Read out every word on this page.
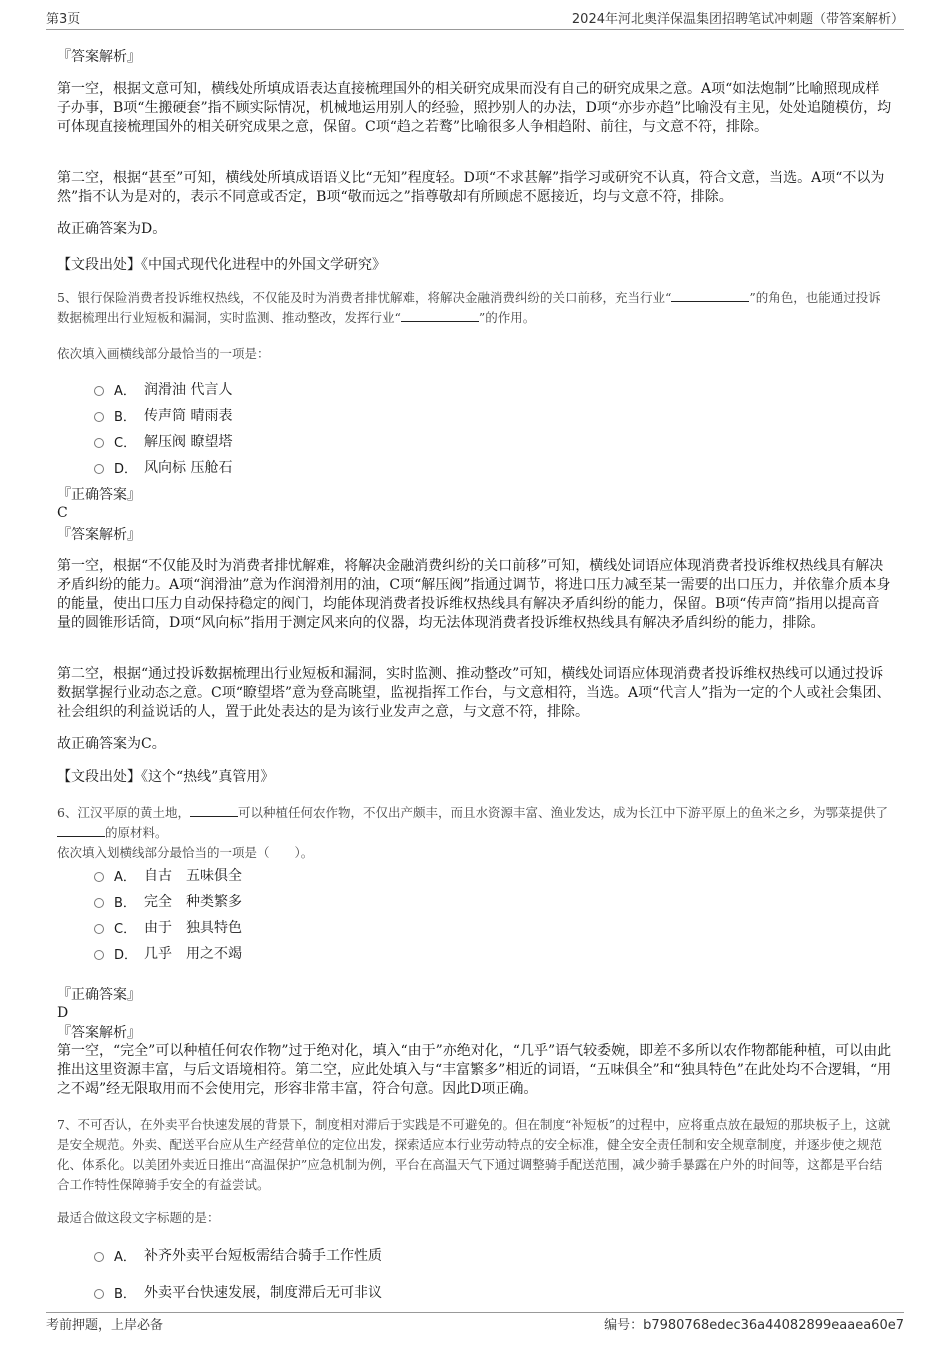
第3页	2024年河北奥洋保温集团招聘笔试冲刺题（带答案解析）

『答案解析』

第一空，根据文意可知，横线处所填成语表达直接梳理国外的相关研究成果而没有自己的研究成果之意。A项“如法炮制”比喻照现成样子办事，B项“生搬硬套”指不顾实际情况，机械地运用别人的经验，照抄别人的办法，D项“亦步亦趋”比喻没有主见，处处追随模仿，均可体现直接梳理国外的相关研究成果之意，保留。C项“趋之若鹜”比喻很多人争相趋附、前往，与文意不符，排除。

第二空，根据“甚至”可知，横线处所填成语语义比“无知”程度轻。D项“不求甚解”指学习或研究不认真，符合文意，当选。A项“不以为然”指不认为是对的，表示不同意或否定，B项“敬而远之”指尊敬却有所顾虑不愿接近，均与文意不符，排除。

故正确答案为D。

【文段出处】《中国式现代化进程中的外国文学研究》

5、银行保险消费者投诉维权热线，不仅能及时为消费者排忧解难，将解决金融消费纠纷的关口前移，充当行业“	”的角色，也能通过投诉数据梳理出行业短板和漏洞，实时监测、推动整改，发挥行业“	”的作用。

依次填入画横线部分最恰当的一项是：

A． 润滑油 代言人
B． 传声筒 晴雨表
C． 解压阀 瞭望塔
D． 风向标 压舱石

『正确答案』

C

『答案解析』

第一空，根据“不仅能及时为消费者排忧解难，将解决金融消费纠纷的关口前移”可知，横线处词语应体现消费者投诉维权热线具有解决矛盾纠纷的能力。A项“润滑油”意为作润滑剂用的油，C项“解压阀”指通过调节，将进口压力减至某一需要的出口压力，并依靠介质本身的能量，使出口压力自动保持稳定的阀门，均能体现消费者投诉维权热线具有解决矛盾纠纷的能力，保留。B项“传声筒”指用以提高音量的圆锥形话筒，D项“风向标”指用于测定风来向的仪器，均无法体现消费者投诉维权热线具有解决矛盾纠纷的能力，排除。

第二空，根据“通过投诉数据梳理出行业短板和漏洞，实时监测、推动整改”可知，横线处词语应体现消费者投诉维权热线可以通过投诉数据掌握行业动态之意。C项“瞭望塔”意为登高眺望，监视指挥工作台，与文意相符，当选。A项“代言人”指为一定的个人或社会集团、社会组织的利益说话的人，置于此处表达的是为该行业发声之意，与文意不符，排除。

故正确答案为C。

【文段出处】《这个“热线”真管用》

6、江汉平原的黄土地，	可以种植任何农作物，不仅出产颇丰，而且水资源丰富、渔业发达，成为长江中下游平原上的鱼米之乡，为鄂菜提供了的原材料。

依次填入划横线部分最恰当的一项是（　　）。

A． 自古　五味俱全
B． 完全　种类繁多
C． 由于　独具特色
D． 几乎　用之不竭

『正确答案』

D

『答案解析』

第一空，“完全”可以种植任何农作物”过于绝对化，填入“由于”亦绝对化，“几乎”语气较委婉，即差不多所以农作物都能种植，可以由此推出这里资源丰富，与后文语境相符。第二空，应此处填入与“丰富繁多”相近的词语，“五味俱全”和“独具特色”在此处均不合逻辑，“用之不竭”经无限取用而不会使用完，形容非常丰富，符合句意。因此D项正确。

7、不可否认，在外卖平台快速发展的背景下，制度相对滞后于实践是不可避免的。但在制度“补短板”的过程中，应将重点放在最短的那块板子上，这就是安全规范。外卖、配送平台应从生产经营单位的定位出发，探索适应本行业劳动特点的安全标准，健全安全责任制和安全规章制度，并逐步使之规范化、体系化。以美团外卖近日推出“高温保护”应急机制为例，平台在高温天气下通过调整骑手配送范围，减少骑手暴露在户外的时间等，这都是平台结合工作特性保障骑手安全的有益尝试。

最适合做这段文字标题的是：

A． 补齐外卖平台短板需结合骑手工作性质
B． 外卖平台快速发展，制度滞后无可非议
考前押题，上岸必备	编号：b7980768edec36a44082899eaaea60e7
